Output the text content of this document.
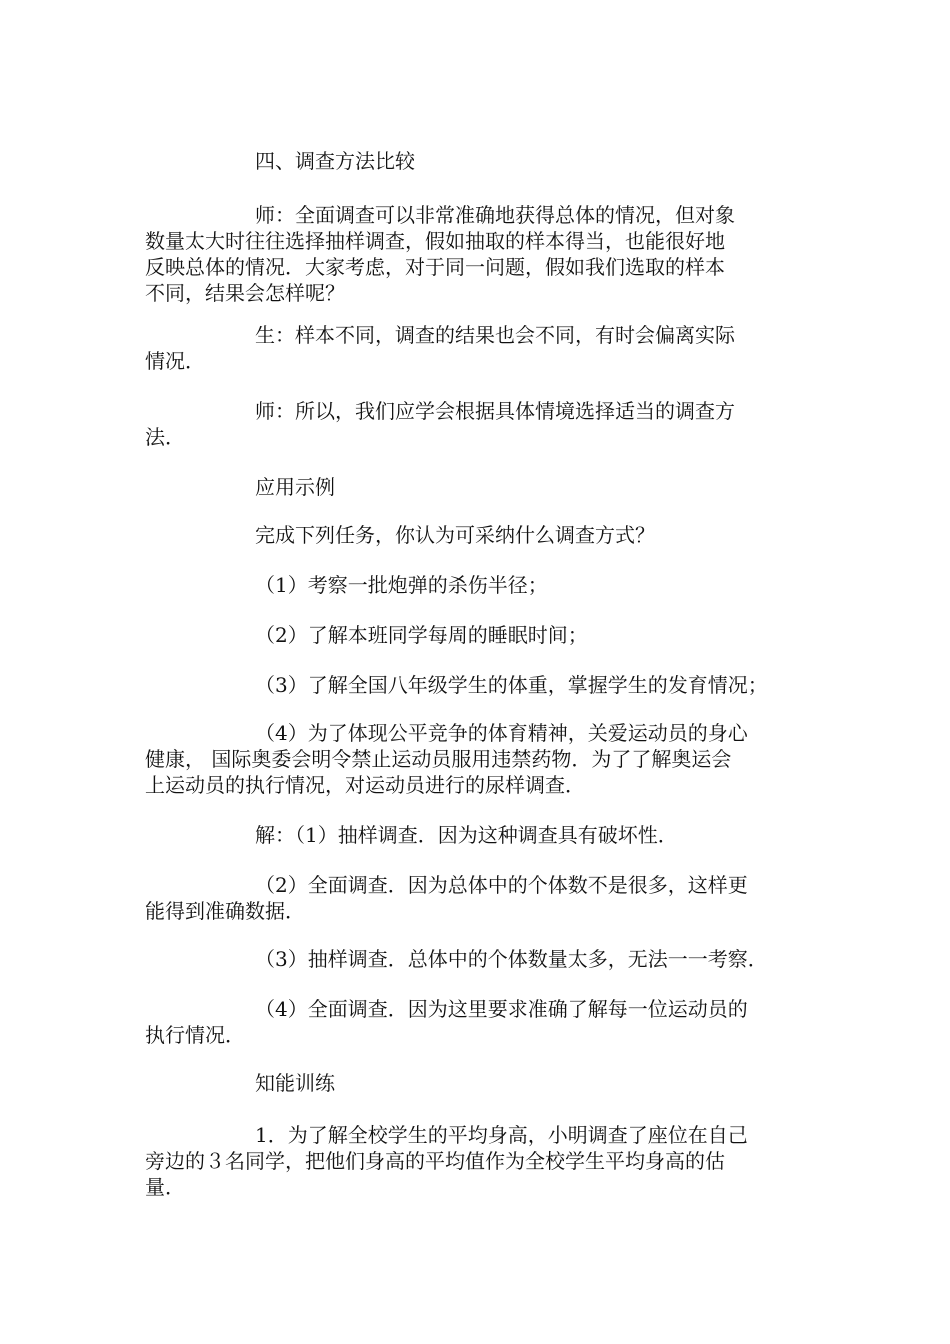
四、调查方法比较

师：全面调查可以非常准确地获得总体的情况，但对象
数量太大时往往选择抽样调查，假如抽取的样本得当，也能很好地
反映总体的情况．大家考虑，对于同一问题，假如我们选取的样本
不同，结果会怎样呢？

生：样本不同，调查的结果也会不同，有时会偏离实际
情况．

师：所以，我们应学会根据具体情境选择适当的调查方
法．

应用示例

完成下列任务，你认为可采纳什么调查方式？

（1）考察一批炮弹的杀伤半径；

（2）了解本班同学每周的睡眠时间；

（3）了解全国八年级学生的体重，掌握学生的发育情况；

（4）为了体现公平竞争的体育精神，关爱运动员的身心
健康， 国际奥委会明令禁止运动员服用违禁药物．为了了解奥运会
上运动员的执行情况，对运动员进行的尿样调查．

解：（1）抽样调查．因为这种调查具有破坏性．

（2）全面调查．因为总体中的个体数不是很多，这样更
能得到准确数据．

（3）抽样调查．总体中的个体数量太多，无法一一考察．

（4）全面调查．因为这里要求准确了解每一位运动员的
执行情况．

知能训练

1．为了解全校学生的平均身高，小明调查了座位在自己
旁边的３名同学，把他们身高的平均值作为全校学生平均身高的估
量．
